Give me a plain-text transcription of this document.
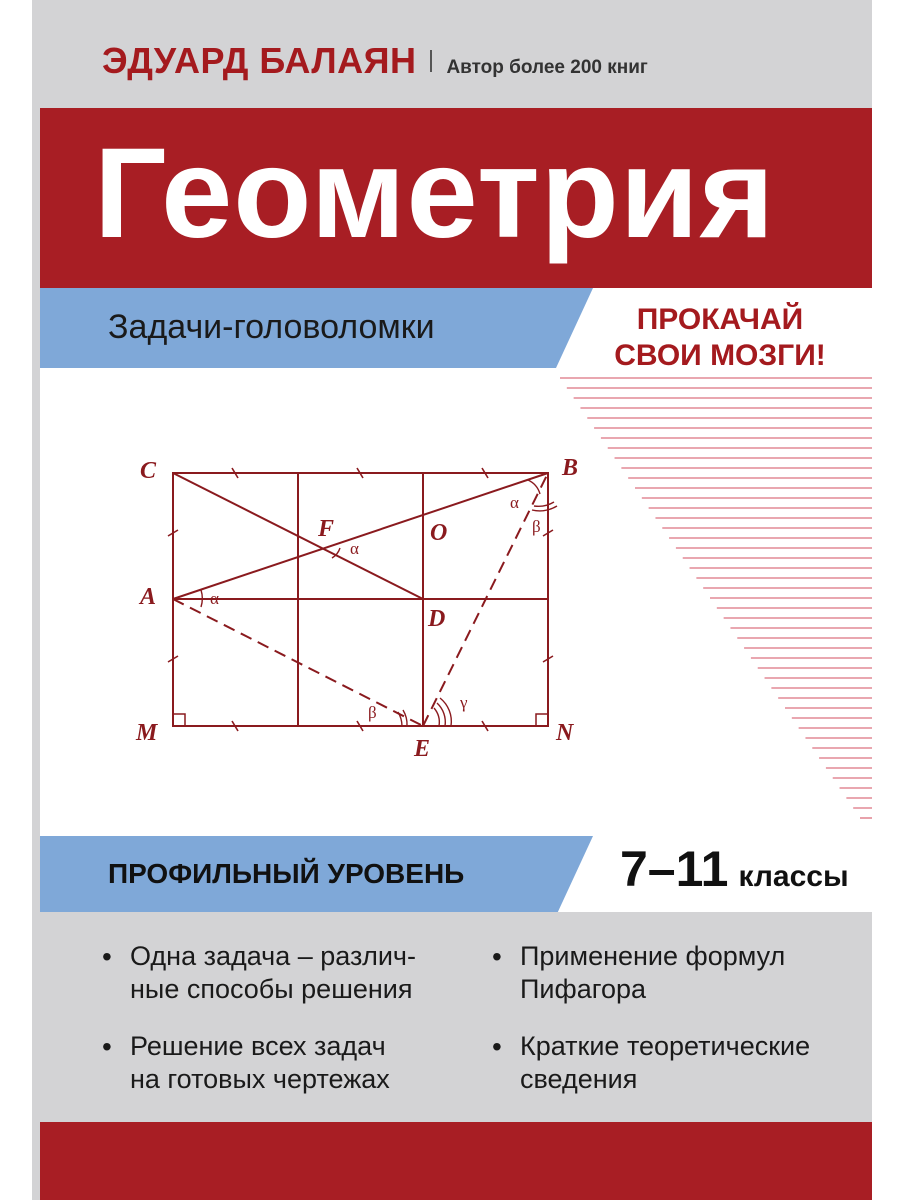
ЭДУАРД БАЛАЯН Автор более 200 книг
Геометрия
C	B
A
F	O
D
M
E
N
α
α
α
β
β
γ
Задачи-головоломки	ПРОКАЧАЙ
СВОИ МОЗГИ!
ПРОФИЛЬНЫЙ УРОВЕНЬ	7–11 классы
• Одна задача – различ-
ные способы решения
• Применение формул
Пифагора
• Решение всех задач
на готовых чертежах
• Краткие теоретические
сведения
